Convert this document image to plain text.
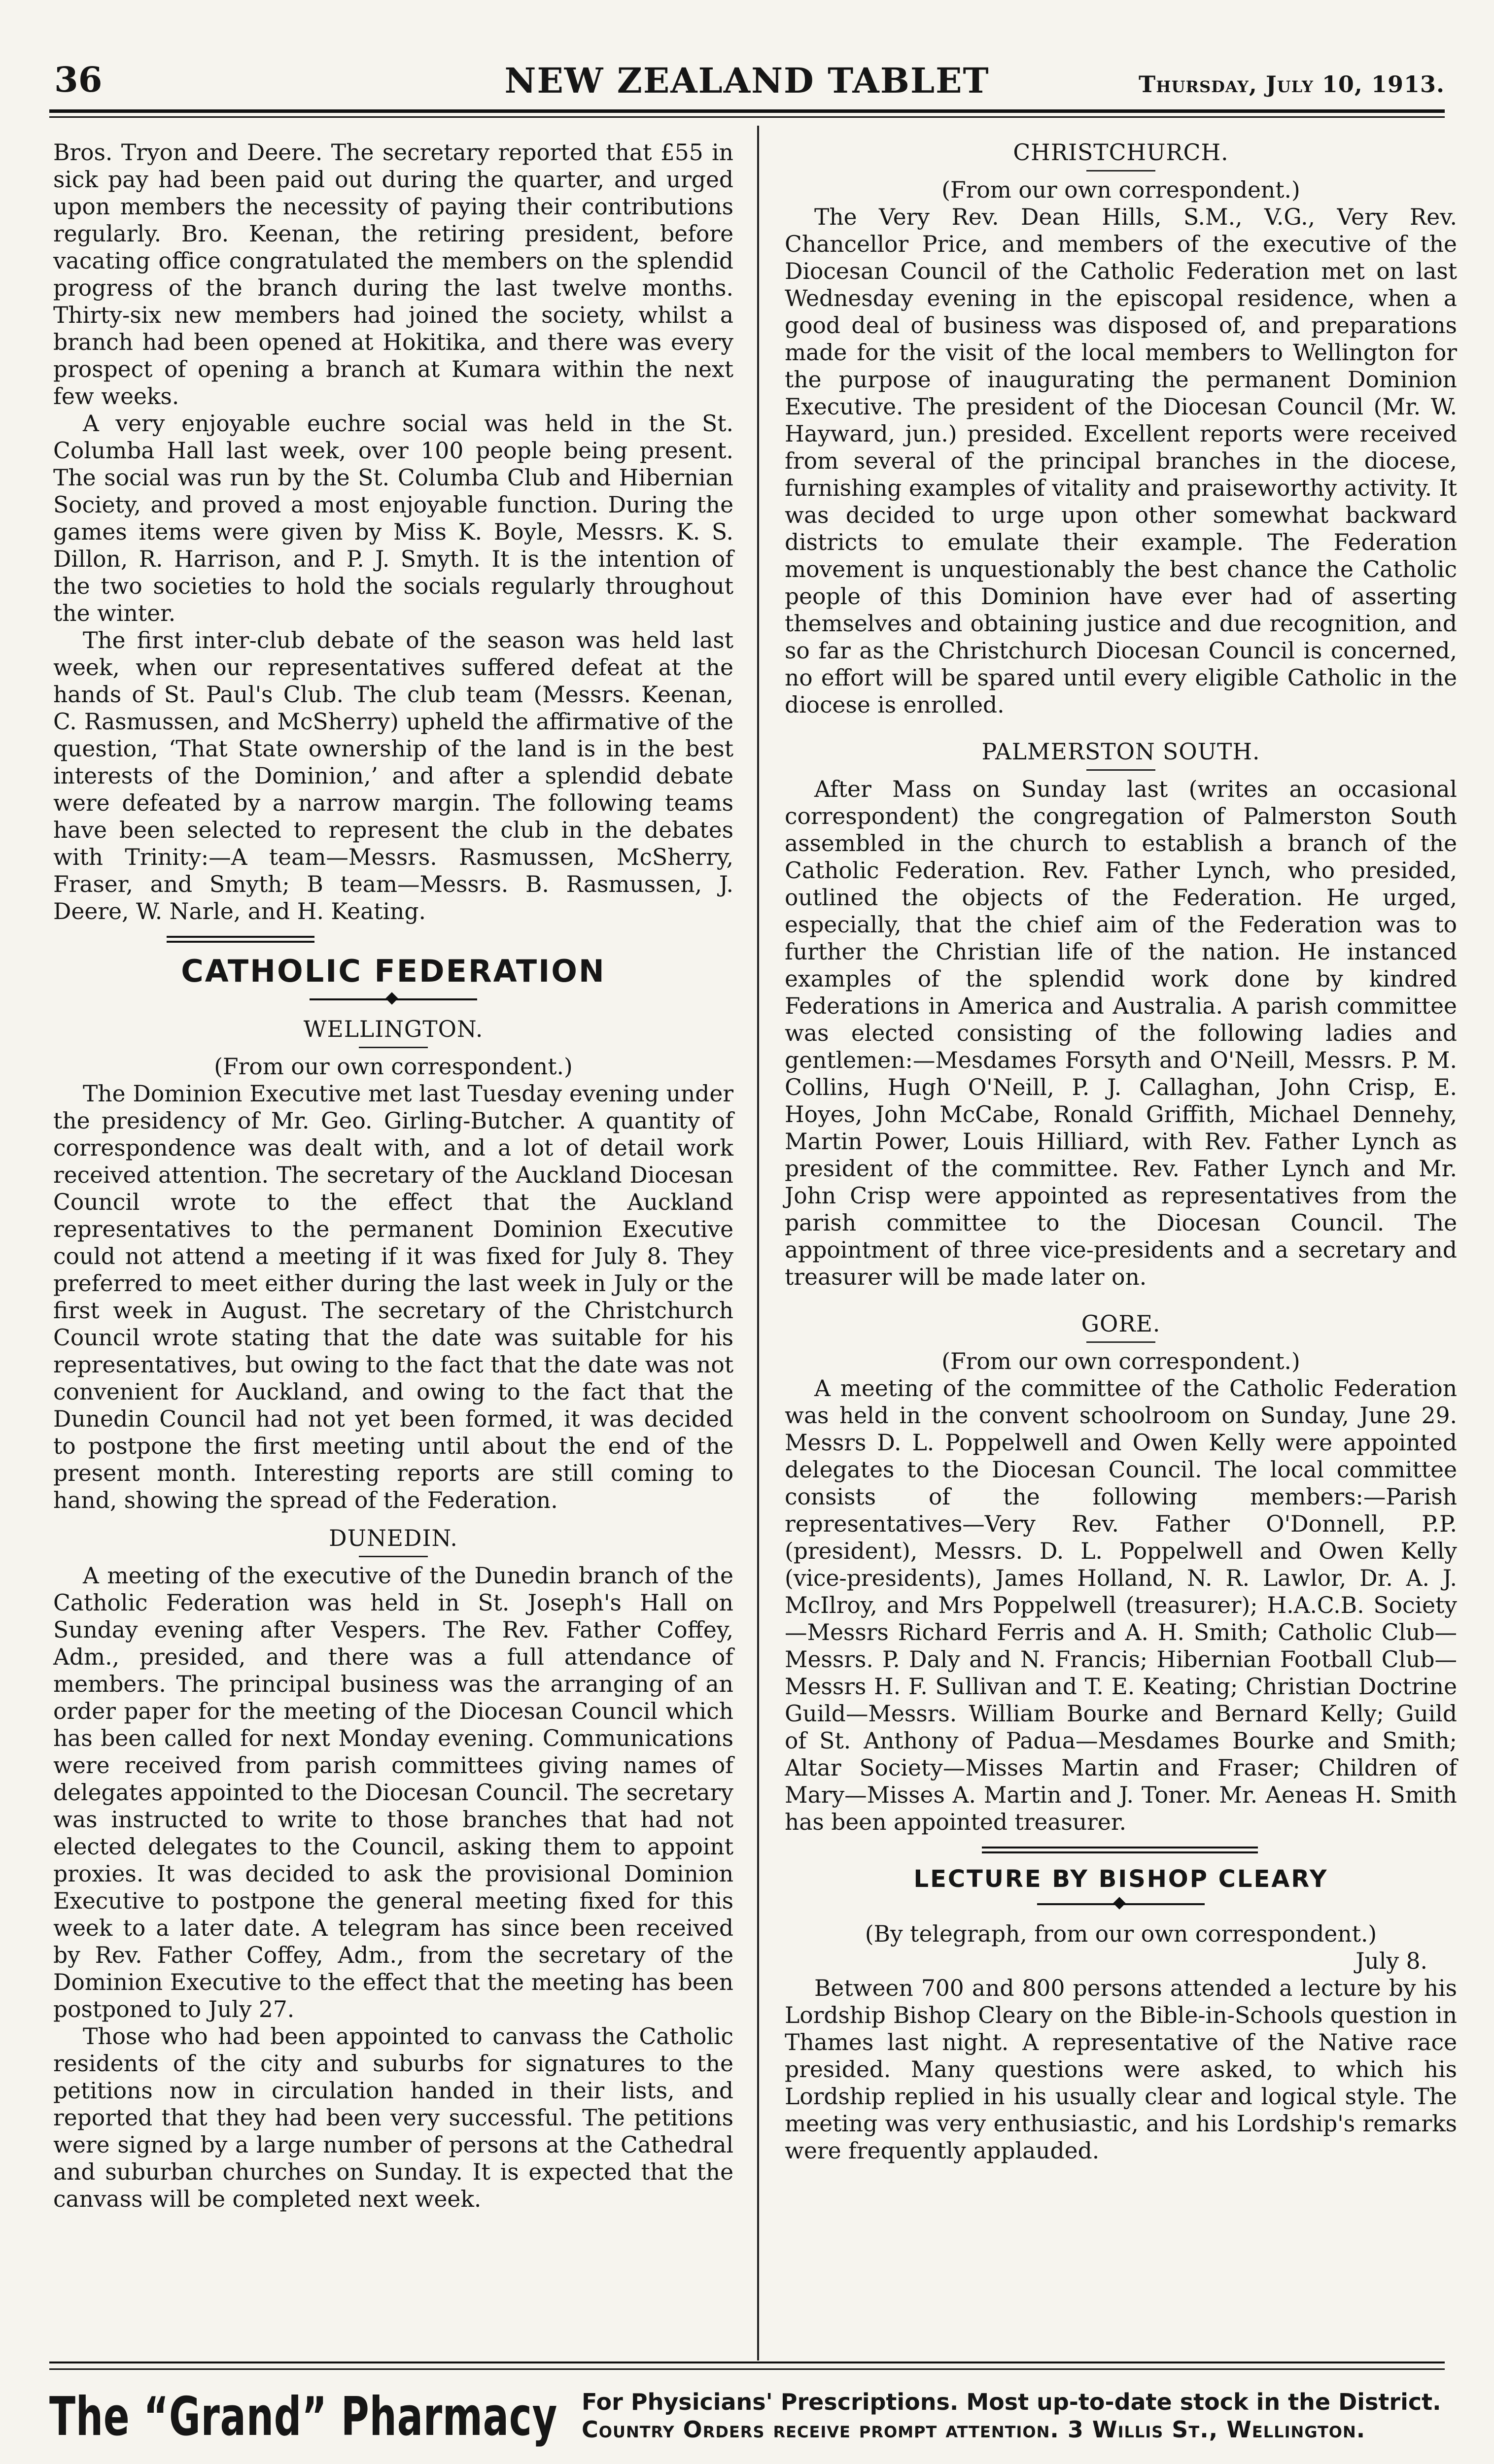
36	NEW ZEALAND TABLET	Thursday, July 10, 1913.

Bros. Tryon and Deere. The secretary reported that £55 in sick pay had been paid out during the quarter, and urged upon members the necessity of paying their contributions regularly. Bro. Keenan, the retiring president, before vacating office congratulated the members on the splendid progress of the branch during the last twelve months. Thirty-six new members had joined the society, whilst a branch had been opened at Hokitika, and there was every prospect of opening a branch at Kumara within the next few weeks.

A very enjoyable euchre social was held in the St. Columba Hall last week, over 100 people being present. The social was run by the St. Columba Club and Hibernian Society, and proved a most enjoyable function. During the games items were given by Miss K. Boyle, Messrs. K. S. Dillon, R. Harrison, and P. J. Smyth. It is the intention of the two societies to hold the socials regularly throughout the winter.

The first inter-club debate of the season was held last week, when our representatives suffered defeat at the hands of St. Paul's Club. The club team (Messrs. Keenan, C. Rasmussen, and McSherry) upheld the affirmative of the question, ‘That State ownership of the land is in the best interests of the Dominion,’ and after a splendid debate were defeated by a narrow margin. The following teams have been selected to represent the club in the debates with Trinity:—A team—Messrs. Rasmussen, McSherry, Fraser, and Smyth; B team—Messrs. B. Rasmussen, J. Deere, W. Narle, and H. Keating.

CATHOLIC FEDERATION

WELLINGTON.

(From our own correspondent.)

The Dominion Executive met last Tuesday evening under the presidency of Mr. Geo. Girling-Butcher. A quantity of correspondence was dealt with, and a lot of detail work received attention. The secretary of the Auckland Diocesan Council wrote to the effect that the Auckland representatives to the permanent Dominion Executive could not attend a meeting if it was fixed for July 8. They preferred to meet either during the last week in July or the first week in August. The secretary of the Christchurch Council wrote stating that the date was suitable for his representatives, but owing to the fact that the date was not convenient for Auckland, and owing to the fact that the Dunedin Council had not yet been formed, it was decided to postpone the first meeting until about the end of the present month. Interesting reports are still coming to hand, showing the spread of the Federation.

DUNEDIN.

A meeting of the executive of the Dunedin branch of the Catholic Federation was held in St. Joseph's Hall on Sunday evening after Vespers. The Rev. Father Coffey, Adm., presided, and there was a full attendance of members. The principal business was the arranging of an order paper for the meeting of the Diocesan Council which has been called for next Monday evening. Communications were received from parish committees giving names of delegates appointed to the Diocesan Council. The secretary was instructed to write to those branches that had not elected delegates to the Council, asking them to appoint proxies. It was decided to ask the provisional Dominion Executive to postpone the general meeting fixed for this week to a later date. A telegram has since been received by Rev. Father Coffey, Adm., from the secretary of the Dominion Executive to the effect that the meeting has been postponed to July 27.

Those who had been appointed to canvass the Catholic residents of the city and suburbs for signatures to the petitions now in circulation handed in their lists, and reported that they had been very successful. The petitions were signed by a large number of persons at the Cathedral and suburban churches on Sunday. It is expected that the canvass will be completed next week.

CHRISTCHURCH.

(From our own correspondent.)

The Very Rev. Dean Hills, S.M., V.G., Very Rev. Chancellor Price, and members of the executive of the Diocesan Council of the Catholic Federation met on last Wednesday evening in the episcopal residence, when a good deal of business was disposed of, and preparations made for the visit of the local members to Wellington for the purpose of inaugurating the permanent Dominion Executive. The president of the Diocesan Council (Mr. W. Hayward, jun.) presided. Excellent reports were received from several of the principal branches in the diocese, furnishing examples of vitality and praiseworthy activity. It was decided to urge upon other somewhat backward districts to emulate their example. The Federation movement is unquestionably the best chance the Catholic people of this Dominion have ever had of asserting themselves and obtaining justice and due recognition, and so far as the Christchurch Diocesan Council is concerned, no effort will be spared until every eligible Catholic in the diocese is enrolled.

PALMERSTON SOUTH.

After Mass on Sunday last (writes an occasional correspondent) the congregation of Palmerston South assembled in the church to establish a branch of the Catholic Federation. Rev. Father Lynch, who presided, outlined the objects of the Federation. He urged, especially, that the chief aim of the Federation was to further the Christian life of the nation. He instanced examples of the splendid work done by kindred Federations in America and Australia. A parish committee was elected consisting of the following ladies and gentlemen:—Mesdames Forsyth and O'Neill, Messrs. P. M. Collins, Hugh O'Neill, P. J. Callaghan, John Crisp, E. Hoyes, John McCabe, Ronald Griffith, Michael Dennehy, Martin Power, Louis Hilliard, with Rev. Father Lynch as president of the committee. Rev. Father Lynch and Mr. John Crisp were appointed as representatives from the parish committee to the Diocesan Council. The appointment of three vice-presidents and a secretary and treasurer will be made later on.

GORE.

(From our own correspondent.)

A meeting of the committee of the Catholic Federation was held in the convent schoolroom on Sunday, June 29. Messrs D. L. Poppelwell and Owen Kelly were appointed delegates to the Diocesan Council. The local committee consists of the following members:—Parish representatives—Very Rev. Father O'Donnell, P.P. (president), Messrs. D. L. Poppelwell and Owen Kelly (vice-presidents), James Holland, N. R. Lawlor, Dr. A. J. McIlroy, and Mrs Poppelwell (treasurer); H.A.C.B. Society—Messrs Richard Ferris and A. H. Smith; Catholic Club—Messrs. P. Daly and N. Francis; Hibernian Football Club—Messrs H. F. Sullivan and T. E. Keating; Christian Doctrine Guild—Messrs. William Bourke and Bernard Kelly; Guild of St. Anthony of Padua—Mesdames Bourke and Smith; Altar Society—Misses Martin and Fraser; Children of Mary—Misses A. Martin and J. Toner. Mr. Aeneas H. Smith has been appointed treasurer.

LECTURE BY BISHOP CLEARY

(By telegraph, from our own correspondent.)

July 8.

Between 700 and 800 persons attended a lecture by his Lordship Bishop Cleary on the Bible-in-Schools question in Thames last night. A representative of the Native race presided. Many questions were asked, to which his Lordship replied in his usually clear and logical style. The meeting was very enthusiastic, and his Lordship's remarks were frequently applauded.

The “Grand” Pharmacy For Physicians' Prescriptions. Most up-to-date stock in the District.
Country Orders receive prompt attention. 3 Willis St., Wellington.
